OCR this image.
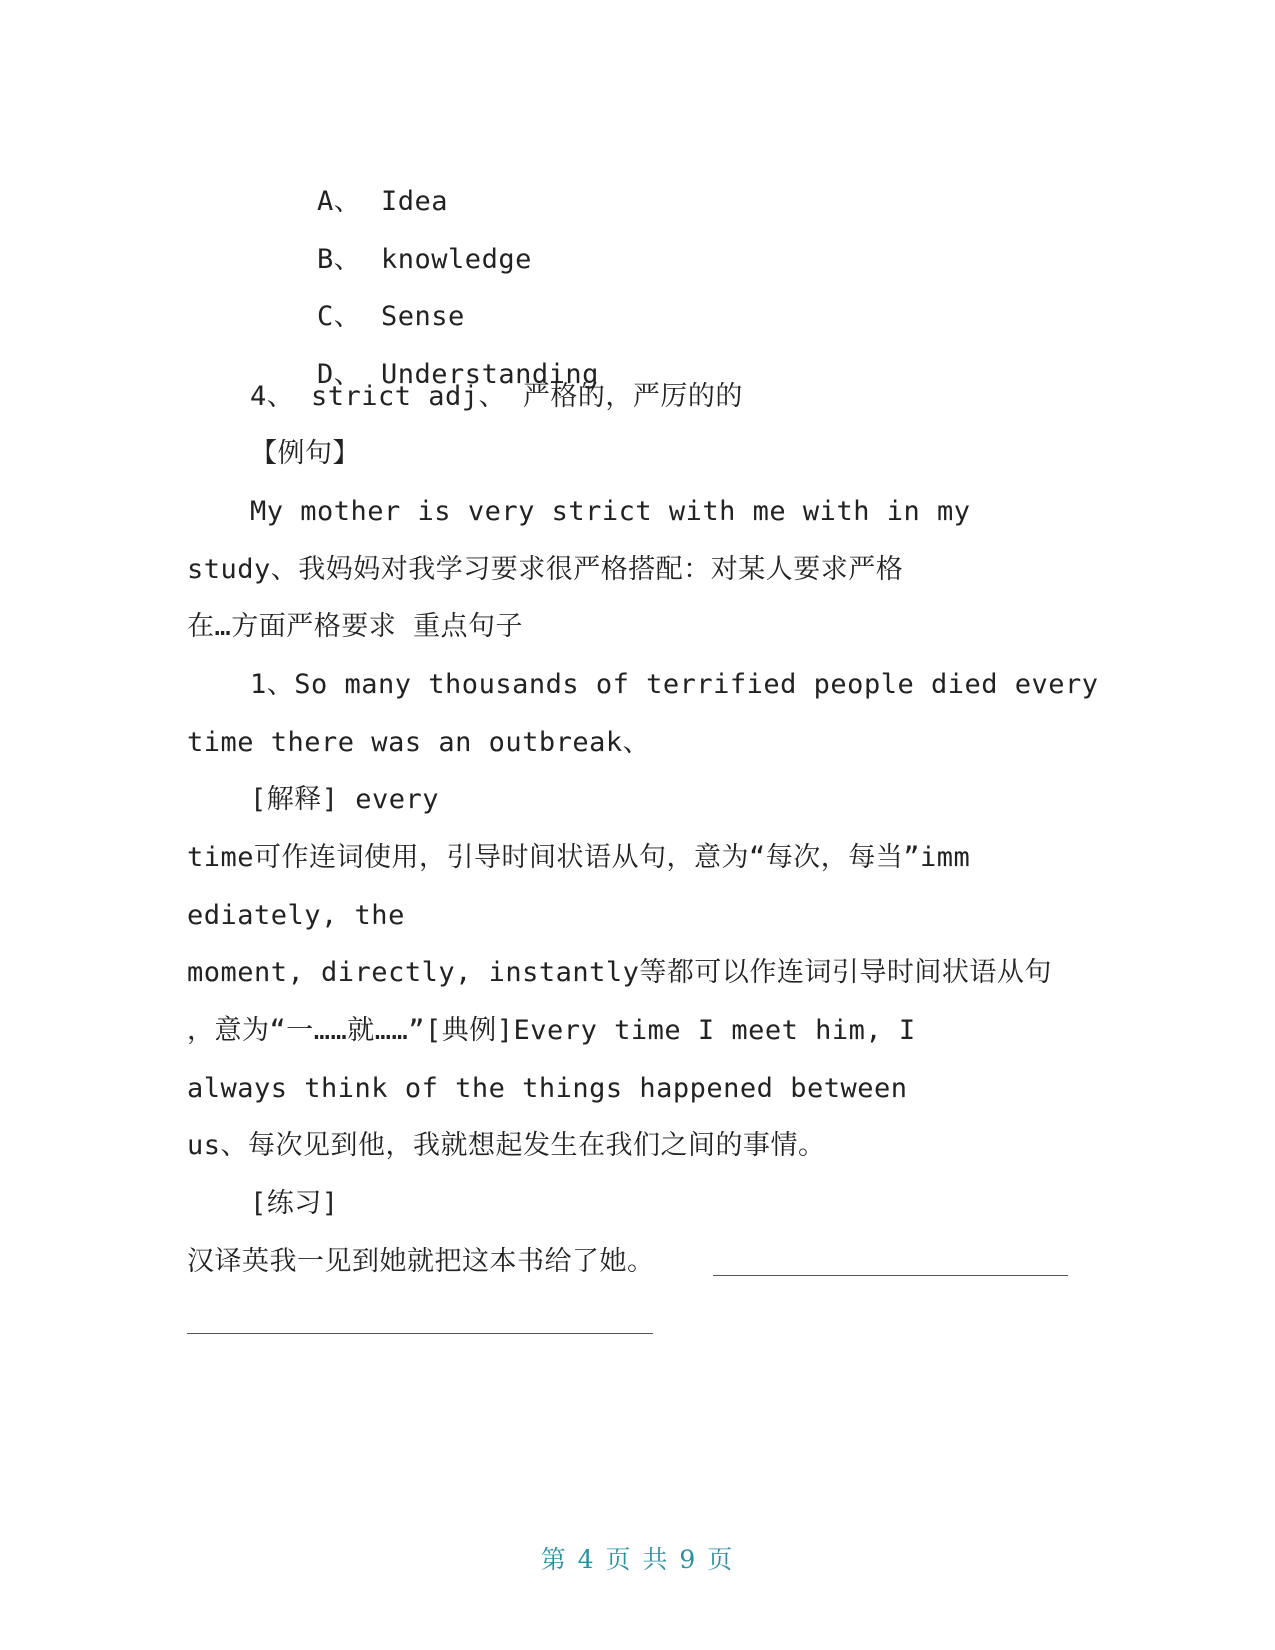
A、 Idea

B、 knowledge

C、 Sense

D、 Understanding

4、 strict adj、 严格的，严厉的的
【例句】
My mother is very strict with me with in my
study、我妈妈对我学习要求很严格搭配：对某人要求严格
在…方面严格要求 重点句子
1、So many thousands of terrified people died every
time there was an outbreak、
[解释] every
time可作连词使用，引导时间状语从句，意为“每次，每当”imm
ediately, the
moment, directly, instantly等都可以作连词引导时间状语从句
，意为“一……就……”[典例]Every time I meet him, I
always think of the things happened between
us、每次见到他，我就想起发生在我们之间的事情。
[练习]
汉译英我一见到她就把这本书给了她。
第 4 页 共 9 页
